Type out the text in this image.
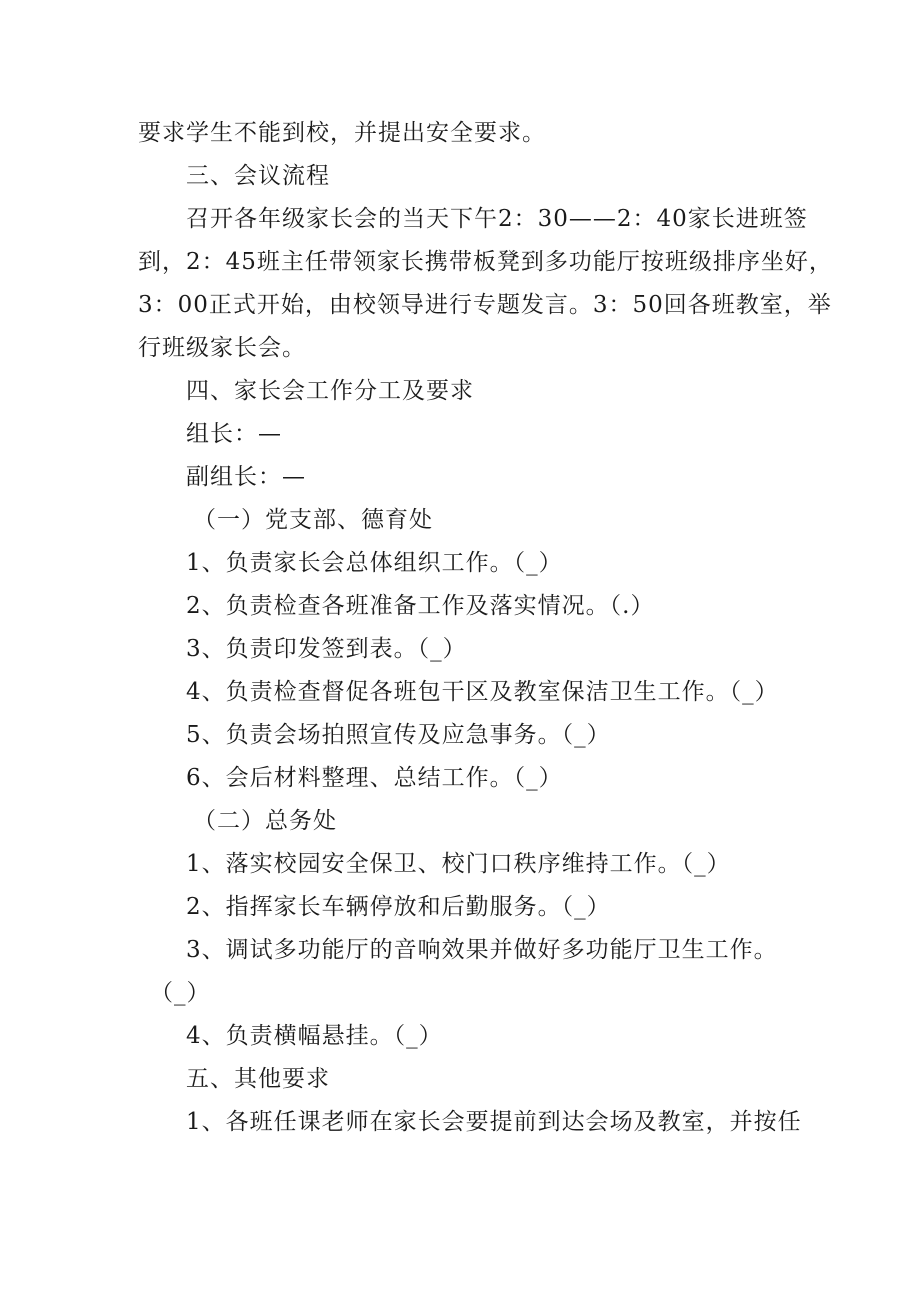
要求学生不能到校，并提出安全要求。
三、会议流程
召开各年级家长会的当天下午2：30——2：40家长进班签
到，2：45班主任带领家长携带板凳到多功能厅按班级排序坐好，
3：00正式开始，由校领导进行专题发言。3：50回各班教室，举
行班级家长会。
四、家长会工作分工及要求
组长：—
副组长：—
（一）党支部、德育处
1、负责家长会总体组织工作。（_）
2、负责检查各班准备工作及落实情况。（.）
3、负责印发签到表。（_）
4、负责检查督促各班包干区及教室保洁卫生工作。（_）
5、负责会场拍照宣传及应急事务。（_）
6、会后材料整理、总结工作。（_）
（二）总务处
1、落实校园安全保卫、校门口秩序维持工作。（_）
2、指挥家长车辆停放和后勤服务。（_）
3、调试多功能厅的音响效果并做好多功能厅卫生工作。
（_）
4、负责横幅悬挂。（_）
五、其他要求
1、各班任课老师在家长会要提前到达会场及教室，并按任
